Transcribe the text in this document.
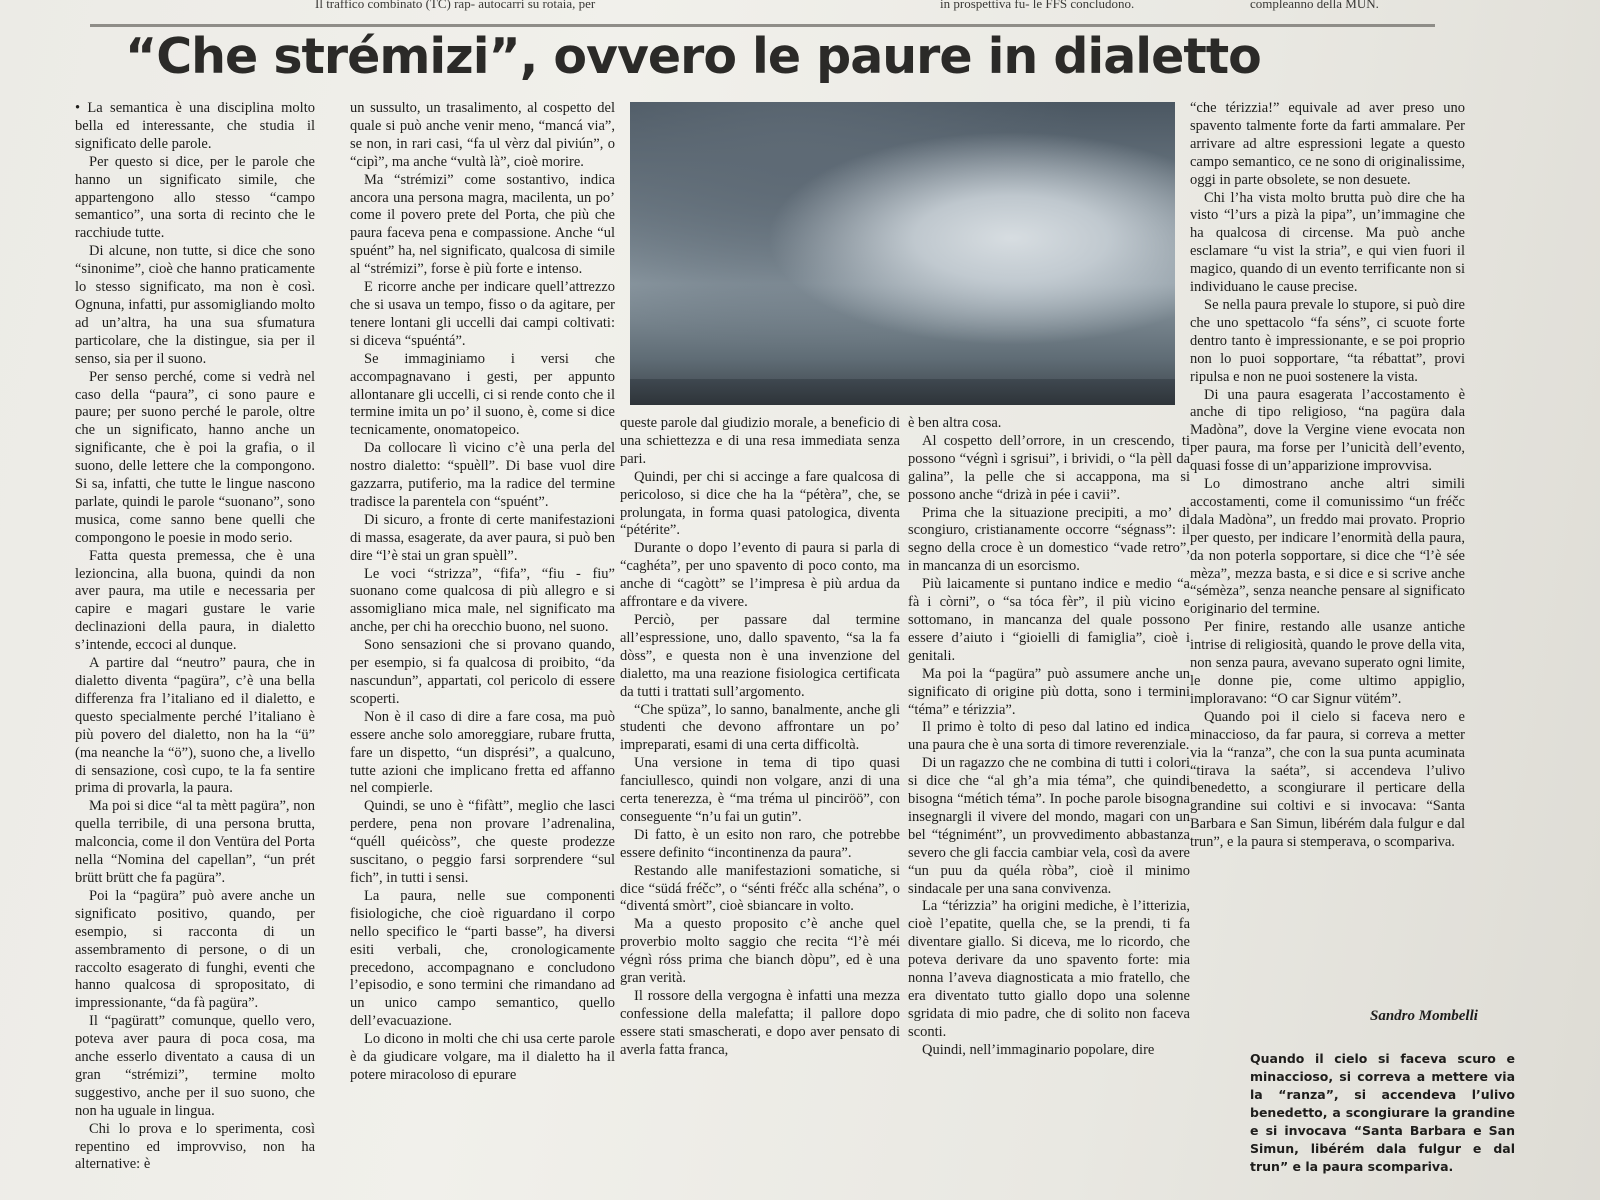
Il traffico combinato (TC) rap- autocarri su rotaia, per	in prospettiva fu- le FFS concludono.	compleanno della MUN.
“Che strémizi”, ovvero le paure in dialetto

• La semantica è una disciplina molto bella ed interessante, che studia il significato delle parole.

Per questo si dice, per le parole che hanno un significato simile, che appartengono allo stesso “campo semantico”, una sorta di recinto che le racchiude tutte.

Di alcune, non tutte, si dice che sono “sinonime”, cioè che hanno praticamente lo stesso significato, ma non è così. Ognuna, infatti, pur assomigliando molto ad un’altra, ha una sua sfumatura particolare, che la distingue, sia per il senso, sia per il suono.

Per senso perché, come si vedrà nel caso della “paura”, ci sono paure e paure; per suono perché le parole, oltre che un significato, hanno anche un significante, che è poi la grafia, o il suono, delle lettere che la compongono. Si sa, infatti, che tutte le lingue nascono parlate, quindi le parole “suonano”, sono musica, come sanno bene quelli che compongono le poesie in modo serio.

Fatta questa premessa, che è una lezioncina, alla buona, quindi da non aver paura, ma utile e necessaria per capire e magari gustare le varie declinazioni della paura, in dialetto s’intende, eccoci al dunque.

A partire dal “neutro” paura, che in dialetto diventa “pagüra”, c’è una bella differenza fra l’italiano ed il dialetto, e questo specialmente perché l’italiano è più povero del dialetto, non ha la “ü” (ma neanche la “ö”), suono che, a livello di sensazione, così cupo, te la fa sentire prima di provarla, la paura.

Ma poi si dice “al ta mètt pagüra”, non quella terribile, di una persona brutta, malconcia, come il don Ventüra del Porta nella “Nomina del capellan”, “un prét brütt brütt che fa pagüra”.

Poi la “pagüra” può avere anche un significato positivo, quando, per esempio, si racconta di un assembramento di persone, o di un raccolto esagerato di funghi, eventi che hanno qualcosa di spropositato, di impressionante, “da fà pagüra”.

Il “pagüratt” comunque, quello vero, poteva aver paura di poca cosa, ma anche esserlo diventato a causa di un gran “strémizi”, termine molto suggestivo, anche per il suo suono, che non ha uguale in lingua.

Chi lo prova e lo sperimenta, così repentino ed improvviso, non ha alternative: è

un sussulto, un trasalimento, al cospetto del quale si può anche venir meno, “mancá via”, se non, in rari casi, “fa ul vèrz dal piviún”, o “cipì”, ma anche “vultà là”, cioè morire.

Ma “strémizi” come sostantivo, indica ancora una persona magra, macilenta, un po’ come il povero prete del Porta, che più che paura faceva pena e compassione. Anche “ul spuént” ha, nel significato, qualcosa di simile al “strémizi”, forse è più forte e intenso.

E ricorre anche per indicare quell’attrezzo che si usava un tempo, fisso o da agitare, per tenere lontani gli uccelli dai campi coltivati: si diceva “spuéntá”.

Se immaginiamo i versi che accompagnavano i gesti, per appunto allontanare gli uccelli, ci si rende conto che il termine imita un po’ il suono, è, come si dice tecnicamente, onomatopeico.

Da collocare lì vicino c’è una perla del nostro dialetto: “spuèll”. Di base vuol dire gazzarra, putiferio, ma la radice del termine tradisce la parentela con “spuént”.

Di sicuro, a fronte di certe manifestazioni di massa, esagerate, da aver paura, si può ben dire “l’è stai un gran spuèll”.

Le voci “strizza”, “fifa”, “fiu - fiu” suonano come qualcosa di più allegro e si assomigliano mica male, nel significato ma anche, per chi ha orecchio buono, nel suono.

Sono sensazioni che si provano quando, per esempio, si fa qualcosa di proibito, “da nascundun”, appartati, col pericolo di essere scoperti.

Non è il caso di dire a fare cosa, ma può essere anche solo amoreggiare, rubare frutta, fare un dispetto, “un disprési”, a qualcuno, tutte azioni che implicano fretta ed affanno nel compierle.

Quindi, se uno è “fifàtt”, meglio che lasci perdere, pena non provare l’adrenalina, “quéll quéicòss”, che queste prodezze suscitano, o peggio farsi sorprendere “sul fich”, in tutti i sensi.

La paura, nelle sue componenti fisiologiche, che cioè riguardano il corpo nello specifico le “parti basse”, ha diversi esiti verbali, che, cronologicamente precedono, accompagnano e concludono l’episodio, e sono termini che rimandano ad un unico campo semantico, quello dell’evacuazione.

Lo dicono in molti che chi usa certe parole è da giudicare volgare, ma il dialetto ha il potere miracoloso di epurare

queste parole dal giudizio morale, a beneficio di una schiettezza e di una resa immediata senza pari.

Quindi, per chi si accinge a fare qualcosa di pericoloso, si dice che ha la “pétèra”, che, se prolungata, in forma quasi patologica, diventa “pétérite”.

Durante o dopo l’evento di paura si parla di “caghéta”, per uno spavento di poco conto, ma anche di “cagòtt” se l’impresa è più ardua da affrontare e da vivere.

Perciò, per passare dal termine all’espressione, uno, dallo spavento, “sa la fa dòss”, e questa non è una invenzione del dialetto, ma una reazione fisiologica certificata da tutti i trattati sull’argomento.

“Che spüza”, lo sanno, banalmente, anche gli studenti che devono affrontare un po’ impreparati, esami di una certa difficoltà.

Una versione in tema di tipo quasi fanciullesco, quindi non volgare, anzi di una certa tenerezza, è “ma tréma ul pinciröö”, con conseguente “n’u fai un gutin”.

Di fatto, è un esito non raro, che potrebbe essere definito “incontinenza da paura”.

Restando alle manifestazioni somatiche, si dice “südá fréčc”, o “sénti fréčc alla schéna”, o “diventá smòrt”, cioè sbiancare in volto.

Ma a questo proposito c’è anche quel proverbio molto saggio che recita “l’è méi végnì róss prima che bianch dòpu”, ed è una gran verità.

Il rossore della vergogna è infatti una mezza confessione della malefatta; il pallore dopo essere stati smascherati, e dopo aver pensato di averla fatta franca,

è ben altra cosa.

Al cospetto dell’orrore, in un crescendo, ti possono “végnì i sgrisui”, i brividi, o “la pèll da galina”, la pelle che si accappona, ma si possono anche “drizà in pée i cavii”.

Prima che la situazione precipiti, a mo’ di scongiuro, cristianamente occorre “ségnass”: il segno della croce è un domestico “vade retro”, in mancanza di un esorcismo.

Più laicamente si puntano indice e medio “a fà i còrni”, o “sa tóca fèr”, il più vicino e sottomano, in mancanza del quale possono essere d’aiuto i “gioielli di famiglia”, cioè i genitali.

Ma poi la “pagüra” può assumere anche un significato di origine più dotta, sono i termini “téma” e térizzia”.

Il primo è tolto di peso dal latino ed indica una paura che è una sorta di timore reverenziale.

Di un ragazzo che ne combina di tutti i colori si dice che “al gh’a mia téma”, che quindi bisogna “métich téma”. In poche parole bisogna insegnargli il vivere del mondo, magari con un bel “tégnimént”, un provvedimento abbastanza severo che gli faccia cambiar vela, così da avere “un puu da quéla ròba”, cioè il minimo sindacale per una sana convivenza.

La “térizzia” ha origini mediche, è l’itterizia, cioè l’epatite, quella che, se la prendi, ti fa diventare giallo. Si diceva, me lo ricordo, che poteva derivare da uno spavento forte: mia nonna l’aveva diagnosticata a mio fratello, che era diventato tutto giallo dopo una solenne sgridata di mio padre, che di solito non faceva sconti.

Quindi, nell’immaginario popolare, dire

“che térizzia!” equivale ad aver preso uno spavento talmente forte da farti ammalare. Per arrivare ad altre espressioni legate a questo campo semantico, ce ne sono di originalissime, oggi in parte obsolete, se non desuete.

Chi l’ha vista molto brutta può dire che ha visto “l’urs a pizà la pipa”, un’immagine che ha qualcosa di circense. Ma può anche esclamare “u vist la stria”, e qui vien fuori il magico, quando di un evento terrificante non si individuano le cause precise.

Se nella paura prevale lo stupore, si può dire che uno spettacolo “fa séns”, ci scuote forte dentro tanto è impressionante, e se poi proprio non lo puoi sopportare, “ta rébattat”, provi ripulsa e non ne puoi sostenere la vista.

Di una paura esagerata l’accostamento è anche di tipo religioso, “na pagüra dala Madòna”, dove la Vergine viene evocata non per paura, ma forse per l’unicità dell’evento, quasi fosse di un’apparizione improvvisa.

Lo dimostrano anche altri simili accostamenti, come il comunissimo “un fréčc dala Madòna”, un freddo mai provato. Proprio per questo, per indicare l’enormità della paura, da non poterla sopportare, si dice che “l’è sée mèza”, mezza basta, e si dice e si scrive anche “sémèza”, senza neanche pensare al significato originario del termine.

Per finire, restando alle usanze antiche intrise di religiosità, quando le prove della vita, non senza paura, avevano superato ogni limite, le donne pie, come ultimo appiglio, imploravano: “O car Signur vütém”.

Quando poi il cielo si faceva nero e minaccioso, da far paura, si correva a metter via la “ranza”, che con la sua punta acuminata “tirava la saéta”, si accendeva l’ulivo benedetto, a scongiurare il perticare della grandine sui coltivi e si invocava: “Santa Barbara e San Simun, libérém dala fulgur e dal trun”, e la paura si stemperava, o scompariva.

Sandro Mombelli
Quando il cielo si faceva scuro e minaccioso, si correva a mettere via la “ranza”, si accendeva l’ulivo benedetto, a scongiurare la grandine e si invocava “Santa Barbara e San Simun, libérém dala fulgur e dal trun” e la paura scompariva.
